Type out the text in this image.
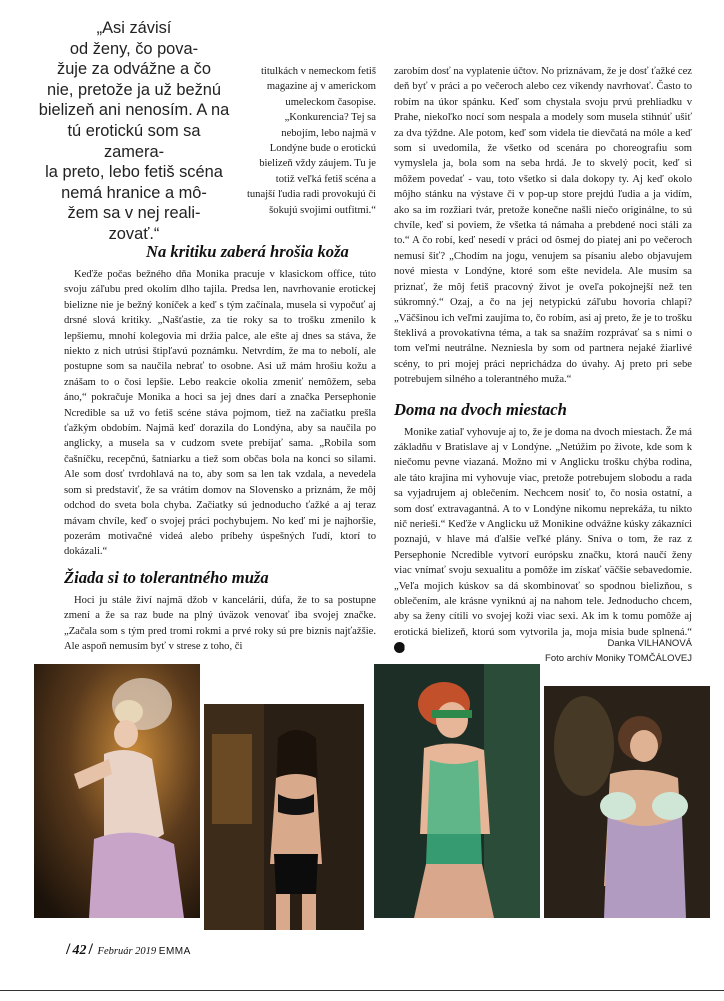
„Asi závisí
od ženy, čo pova-
žuje za odvážne a čo
nie, pretože ja už bežnú
bielizeň ani nenosím. A na
tú erotickú som sa zamera-
la preto, lebo fetiš scéna
nemá hranice a mô-
žem sa v nej reali-
zovať.“

titulkách v nemeckom fetiš magazine aj v americkom umeleckom časopise. „Konkurencia? Tej sa nebojím, lebo najmä v Londýne bude o erotickú bielizeň vždy záujem. Tu je totiž veľká fetiš scéna a tunajší ľudia radi provokujú či šokujú svojimi outfitmi.“

Na kritiku zaberá hrošia koža

Keďže počas bežného dňa Monika pracuje v klasickom office, túto svoju záľubu pred okolím dlho tajila. Predsa len, navrhovanie erotickej bielizne nie je bežný koníček a keď s tým začínala, musela si vypočuť aj drsné slová kritiky. „Našťastie, za tie roky sa to trošku zmenilo k lepšiemu, mnohí kolegovia mi držia palce, ale ešte aj dnes sa stáva, že niekto z nich utrúsi štipľavú poznámku. Netvrdím, že ma to nebolí, ale postupne som sa naučila nebrať to osobne. Asi už mám hrošiu kožu a znášam to o čosi lepšie. Lebo reakcie okolia zmeniť nemôžem, seba áno,“ pokračuje Monika a hoci sa jej dnes darí a značka Persephonie Ncredible sa už vo fetiš scéne stáva pojmom, tiež na začiatku prešla ťažkým obdobím. Najmä keď dorazila do Londýna, aby sa naučila po anglicky, a musela sa v cudzom svete prebíjať sama. „Robila som čašníčku, recepčnú, šatniarku a tiež som občas bola na konci so silami. Ale som dosť tvrdohlavá na to, aby som sa len tak vzdala, a nevedela som si predstaviť, že sa vrátim domov na Slovensko a priznám, že môj odchod do sveta bola chyba. Začiatky sú jednoducho ťažké a aj teraz mávam chvíle, keď o svojej práci pochybujem. No keď mi je najhoršie, pozerám motivačné videá alebo príbehy úspešných ľudí, ktorí to dokázali.“

Žiada si to tolerantného muža

Hoci ju stále živí najmä džob v kancelárii, dúfa, že to sa postupne zmení a že sa raz bude na plný úväzok venovať iba svojej značke. „Začala som s tým pred tromi rokmi a prvé roky sú pre biznis najťažšie. Ale aspoň nemusím byť v strese z toho, či

zarobím dosť na vyplatenie účtov. No priznávam, že je dosť ťažké cez deň byť v práci a po večeroch alebo cez víkendy navrhovať. Často to robím na úkor spánku. Keď som chystala svoju prvú prehliadku v Prahe, niekoľko nocí som nespala a modely som musela stihnúť ušiť za dva týždne. Ale potom, keď som videla tie dievčatá na móle a keď som si uvedomila, že všetko od scenára po choreografiu som vymyslela ja, bola som na seba hrdá. Je to skvelý pocit, keď si môžem povedať - vau, toto všetko si dala dokopy ty. Aj keď okolo môjho stánku na výstave či v pop-up store prejdú ľudia a ja vidím, ako sa im rozžiari tvár, pretože konečne našli niečo originálne, to sú chvíle, keď si poviem, že všetka tá námaha a prebdené noci stáli za to.“ A čo robí, keď nesedí v práci od ôsmej do piatej ani po večeroch nemusí šiť? „Chodím na jogu, venujem sa písaniu alebo objavujem nové miesta v Londýne, ktoré som ešte nevidela. Ale musím sa priznať, že môj fetiš pracovný život je oveľa pokojnejší než ten súkromný.“ Ozaj, a čo na jej netypickú záľubu hovoria chlapi? „Väčšinou ich veľmi zaujíma to, čo robím, asi aj preto, že je to trošku šteklivá a provokatívna téma, a tak sa snažím rozprávať sa s nimi o tom veľmi neutrálne. Nezniesla by som od partnera nejaké žiarlivé scény, to pri mojej práci neprichádza do úvahy. Aj preto pri sebe potrebujem silného a tolerantného muža.“

Doma na dvoch miestach

Monike zatiaľ vyhovuje aj to, že je doma na dvoch miestach. Že má základňu v Bratislave aj v Londýne. „Netúžim po živote, kde som k niečomu pevne viazaná. Možno mi v Anglicku trošku chýba rodina, ale táto krajina mi vyhovuje viac, pretože potrebujem slobodu a rada sa vyjadrujem aj oblečením. Nechcem nosiť to, čo nosia ostatní, a som dosť extravagantná. A to v Londýne nikomu neprekáža, tu nikto nič nerieši.“ Keďže v Anglicku už Monikine odvážne kúsky zákazníci poznajú, v hlave má ďalšie veľké plány. Sníva o tom, že raz z Persephonie Ncredible vytvorí európsku značku, ktorá naučí ženy viac vnímať svoju sexualitu a pomôže im získať väčšie sebavedomie. „Veľa mojich kúskov sa dá skombinovať so spodnou bielizňou, s oblečením, ale krásne vyniknú aj na nahom tele. Jednoducho chcem, aby sa ženy cítili vo svojej koži viac sexi. Ak im k tomu pomôže aj erotická bielizeň, ktorú som vytvorila ja, moja misia bude splnená.“ E	Danka VILHANOVÁ
Foto archív Moniky TOMČÁLOVEJ
/ 42 / Február 2019 EMMA
